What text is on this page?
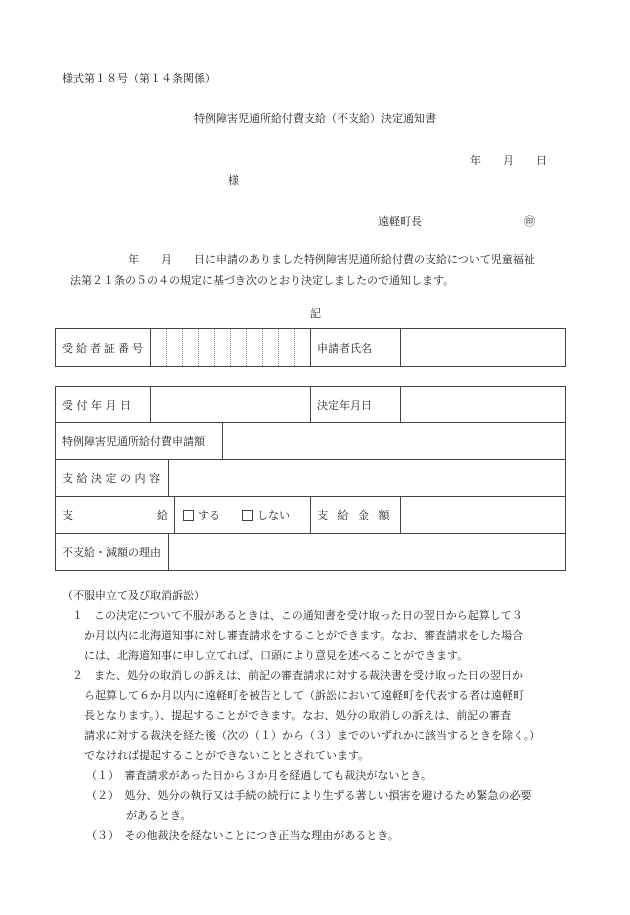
様式第１８号（第１４条関係）
特例障害児通所給付費支給（不支給）決定通知書
年　　月　　日
様
遠軽町長	㊞
年　　月　　日に申請のありました特例障害児通所給付費の支給について児童福祉
法第２１条の５の４の規定に基づき次のとおり決定しましたので通知します。
記
受給者証番号		申請者氏名	
受 付 年 月 日		決定年月日	

特例障害児通所給付費申請額			

支 給 決 定 の 内 容			

支 給 する しない		支 給 金 額	

不支給・減額の理由			

（不服申立て及び取消訴訟）

１　この決定について不服があるときは、この通知書を受け取った日の翌日から起算して３

か月以内に北海道知事に対し審査請求をすることができます。なお、審査請求をした場合

には、北海道知事に申し立てれば、口頭により意見を述べることができます。

２　また、処分の取消しの訴えは、前記の審査請求に対する裁決書を受け取った日の翌日か

ら起算して６か月以内に遠軽町を被告として（訴訟において遠軽町を代表する者は遠軽町

長となります。）、提起することができます。なお、処分の取消しの訴えは、前記の審査

請求に対する裁決を経た後（次の（１）から（３）までのいずれかに該当するときを除く。）

でなければ提起することができないこととされています。

（１）　審査請求があった日から３か月を経過しても裁決がないとき。

（２）　処分、処分の執行又は手続の続行により生ずる著しい損害を避けるため緊急の必要

があるとき。

（３）　その他裁決を経ないことにつき正当な理由があるとき。
